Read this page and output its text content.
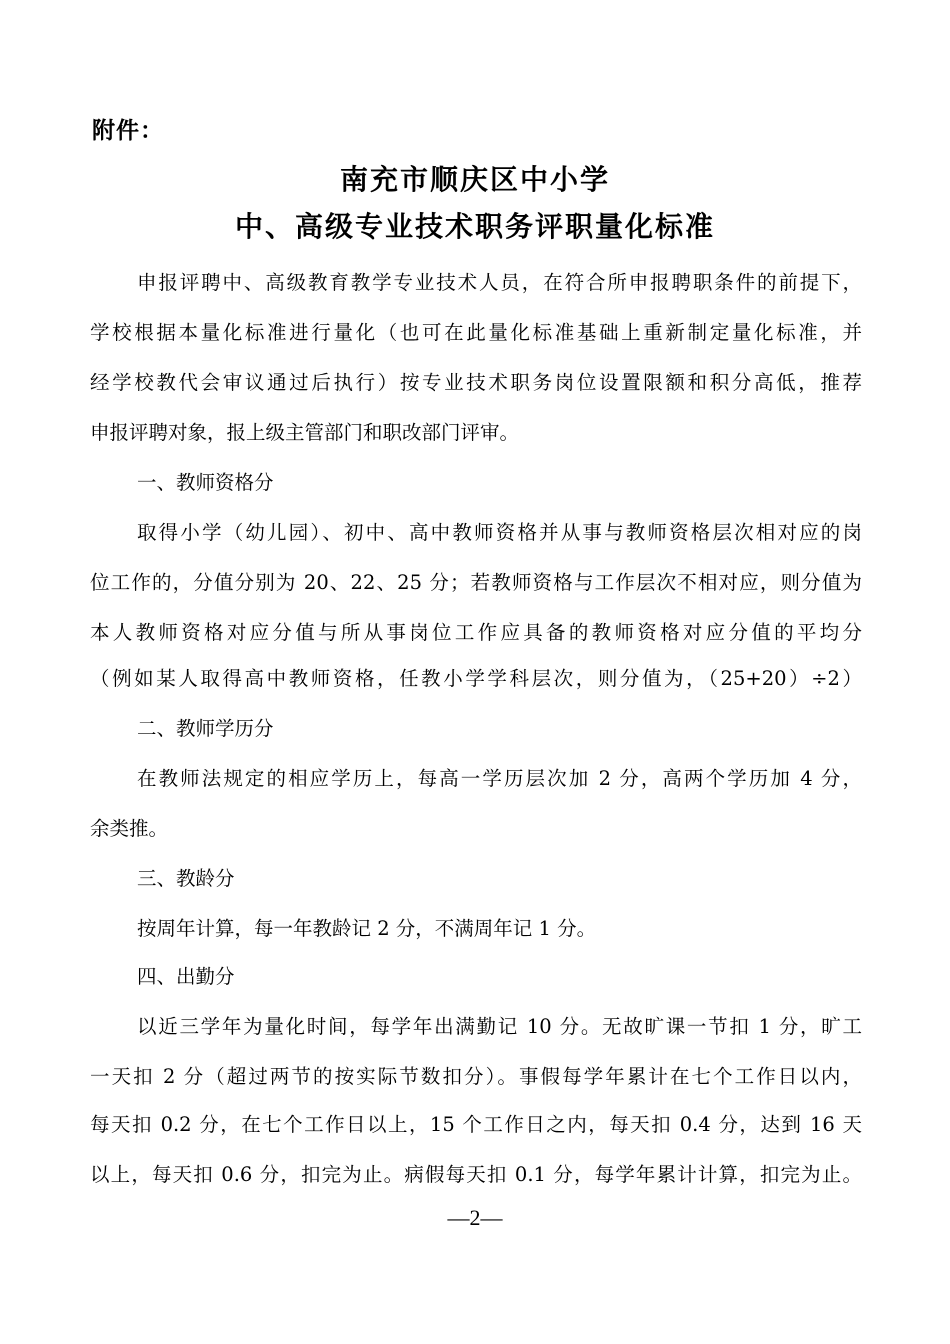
附件：
南充市顺庆区中小学
中、高级专业技术职务评职量化标准
申报评聘中、高级教育教学专业技术人员，在符合所申报聘职条件的前提下，
学校根据本量化标准进行量化（也可在此量化标准基础上重新制定量化标准，并
经学校教代会审议通过后执行）按专业技术职务岗位设置限额和积分高低，推荐
申报评聘对象，报上级主管部门和职改部门评审。
一、教师资格分
取得小学（幼儿园）、初中、高中教师资格并从事与教师资格层次相对应的岗
位工作的，分值分别为 20、22、25 分；若教师资格与工作层次不相对应，则分值为
本人教师资格对应分值与所从事岗位工作应具备的教师资格对应分值的平均分
（例如某人取得高中教师资格，任教小学学科层次，则分值为，（25+20）÷2）
二、教师学历分
在教师法规定的相应学历上，每高一学历层次加 2 分，高两个学历加 4 分，
余类推。
三、教龄分
按周年计算，每一年教龄记 2 分，不满周年记 1 分。
四、出勤分
以近三学年为量化时间，每学年出满勤记 10 分。无故旷课一节扣 1 分，旷工
一天扣 2 分（超过两节的按实际节数扣分）。事假每学年累计在七个工作日以内，
每天扣 0.2 分，在七个工作日以上，15 个工作日之内，每天扣 0.4 分，达到 16 天
以上，每天扣 0.6 分，扣完为止。病假每天扣 0.1 分，每学年累计计算，扣完为止。
—2—
